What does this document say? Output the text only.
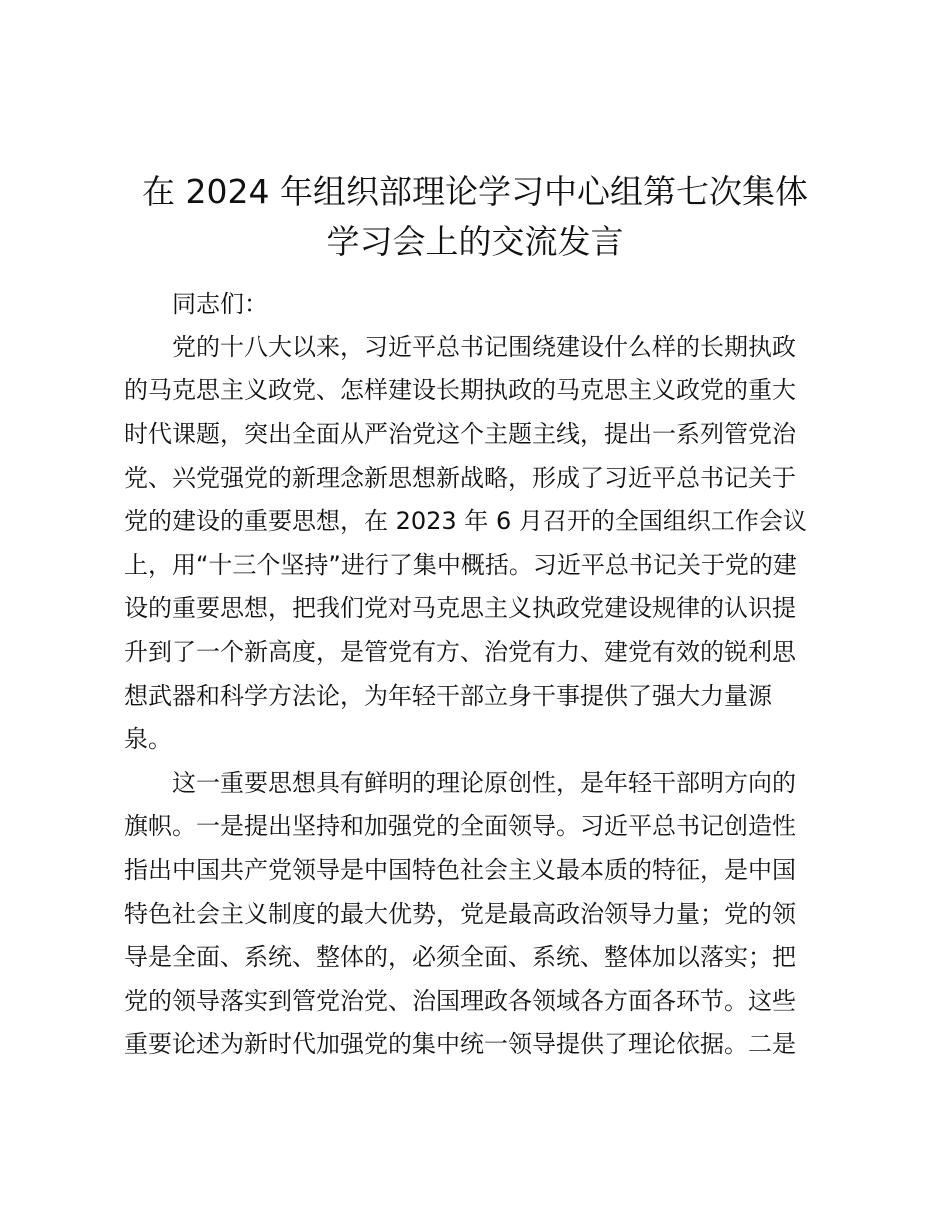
在 2024 年组织部理论学习中心组第七次集体
学习会上的交流发言
同志们：
党的十八大以来，习近平总书记围绕建设什么样的长期执政
的马克思主义政党、怎样建设长期执政的马克思主义政党的重大
时代课题，突出全面从严治党这个主题主线，提出一系列管党治
党、兴党强党的新理念新思想新战略，形成了习近平总书记关于
党的建设的重要思想，在 2023 年 6 月召开的全国组织工作会议
上，用“十三个坚持”进行了集中概括。习近平总书记关于党的建
设的重要思想，把我们党对马克思主义执政党建设规律的认识提
升到了一个新高度，是管党有方、治党有力、建党有效的锐利思
想武器和科学方法论，为年轻干部立身干事提供了强大力量源
泉。
这一重要思想具有鲜明的理论原创性，是年轻干部明方向的
旗帜。一是提出坚持和加强党的全面领导。习近平总书记创造性
指出中国共产党领导是中国特色社会主义最本质的特征，是中国
特色社会主义制度的最大优势，党是最高政治领导力量；党的领
导是全面、系统、整体的，必须全面、系统、整体加以落实；把
党的领导落实到管党治党、治国理政各领域各方面各环节。这些
重要论述为新时代加强党的集中统一领导提供了理论依据。二是
